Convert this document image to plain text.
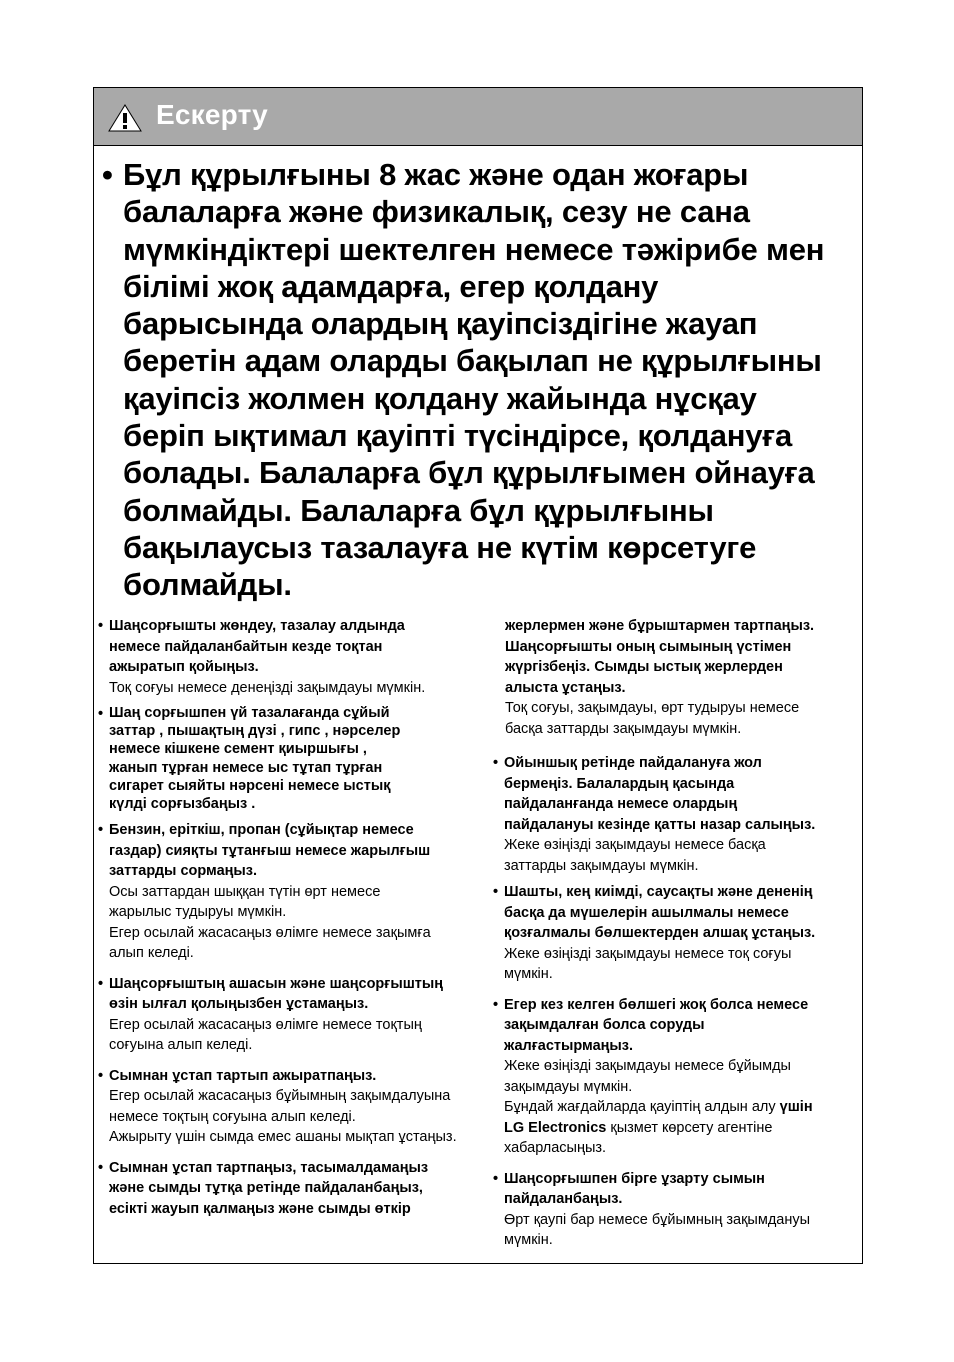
Ескерту
• Бұл құрылғыны 8 жас және одан жоғары балаларға және физикалық, сезу не сана мүмкіндіктері шектелген немесе тәжірибе мен білімі жоқ адамдарға, егер қолдану барысында олардың қауіпсіздігіне жауап беретін адам оларды бақылап не құрылғыны қауіпсіз жолмен қолдану жайында нұсқау беріп ықтимал қауіпті түсіндірсе, қолдануға болады. Балаларға бұл құрылғымен ойнауға болмайды. Балаларға бұл құрылғыны бақылаусыз тазалауға не күтім көрсетуге болмайды.
• Шаңсорғышты жөндеу, тазалау алдында
немесе пайдаланбайтын кезде тоқтан
ажыратып қойыңыз.
Тоқ соғуы немесе денеңізді зақымдауы мүмкін.
• Шаң сорғышпен үй тазалағанда сұйый
заттар , пышақтың дүзі , гипс , нәрселер
немесе кішкене семент қиыршығы ,
жанып тұрған немесе ыс тұтап тұрған
сигарет сыяйты нәрсені немесе ыстық
күлді сорғызбаңыз .
• Бензин, еріткіш, пропан (сұйықтар немесе
газдар) сияқты тұтанғыш немесе жарылғыш
заттарды сормаңыз.
Осы заттардан шыққан түтін өрт немесе
жарылыс тудыруы мүмкін.
Егер осылай жасасаңыз өлімге немесе зақымға
алып келеді.
• Шаңсорғыштың ашасын және шаңсорғыштың
өзін ылғал қолыңызбен ұстамаңыз.
Егер осылай жасасаңыз өлімге немесе тоқтың
соғуына алып келеді.
• Сымнан ұстап тартып ажыратпаңыз.
Егер осылай жасасаңыз бұйымның зақымдалуына
немесе тоқтың соғуына алып келеді.
Ажырыту үшін сымда емес ашаны мықтап ұстаңыз.
• Сымнан ұстап тартпаңыз, тасымалдамаңыз
және сымды тұтқа ретінде пайдаланбаңыз,
есікті жауып қалмаңыз және сымды өткір
жерлермен және бұрыштармен тартпаңыз.
Шаңсорғышты оның сымының үстімен
жүргізбеңіз. Сымды ыстық жерлерден
алыста ұстаңыз.
Тоқ соғуы, зақымдауы, өрт тудыруы немесе
басқа заттарды зақымдауы мүмкін.
• Ойыншық ретінде пайдалануға жол
бермеңіз. Балалардың қасында
пайдаланғанда немесе олардың
пайдалануы кезінде қатты назар салыңыз.
Жеке өзіңізді зақымдауы немесе басқа
заттарды зақымдауы мүмкін.
• Шашты, кең киімді, саусақты және дененің
басқа да мүшелерін ашылмалы немесе
қозғалмалы бөлшектерден алшақ ұстаңыз.
Жеке өзіңізді зақымдауы немесе тоқ соғуы
мүмкін.
• Егер кез келген бөлшегі жоқ болса немесе
зақымдалған болса соруды
жалғастырмаңыз.
Жеке өзіңізді зақымдауы немесе бұйымды
зақымдауы мүмкін.
Бұндай жағдайларда қауіптің алдын алу үшін
LG Electronics қызмет көрсету агентіне
хабарласыңыз.
• Шаңсорғышпен бірге ұзарту сымын
пайдаланбаңыз.
Өрт қаупі бар немесе бұйымның зақымдануы
мүмкін.
